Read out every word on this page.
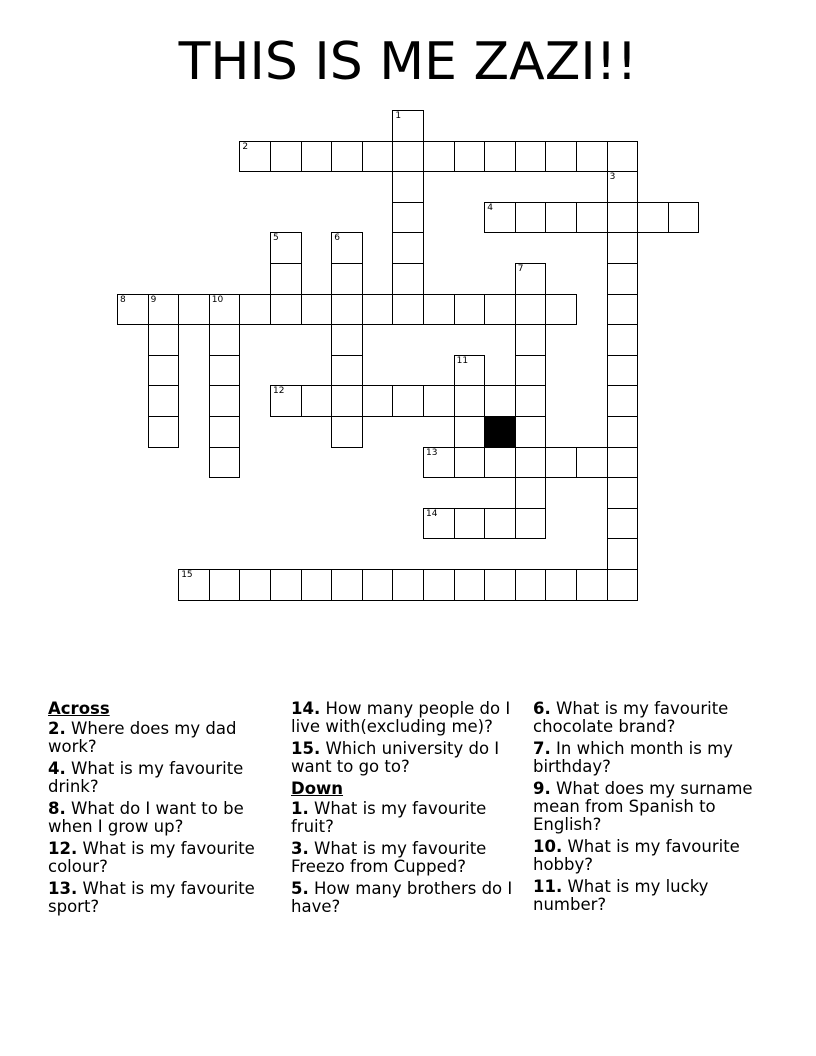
THIS IS ME ZAZI!!
1
2
3
4
5	6
7
8	9	10
11
12
13
14
15
Across
2. Where does my dad work?
4. What is my favourite drink?
8. What do I want to be when I grow up?
12. What is my favourite colour?
13. What is my favourite sport?
14. How many people do I live with(excluding me)?
15. Which university do I want to go to?
Down
1. What is my favourite fruit?
3. What is my favourite Freezo from Cupped?
5. How many brothers do I have?
6. What is my favourite chocolate brand?
7. In which month is my birthday?
9. What does my surname mean from Spanish to English?
10. What is my favourite hobby?
11. What is my lucky number?
